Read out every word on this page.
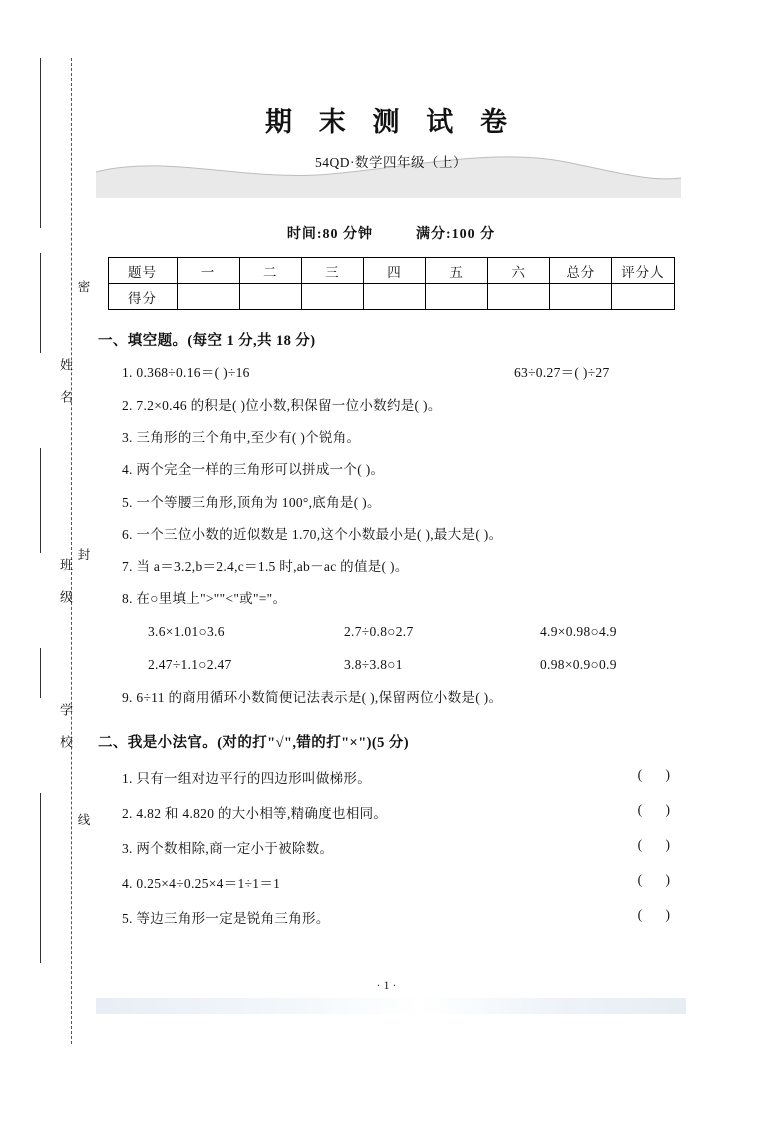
姓 名
班 级
学 校
密
封
线
期 末 测 试 卷
54QD·数学四年级（上）
时间:80 分钟	满分:100 分
题号	一	二	三	四	五	六	总分	评分人
得分								
一、填空题。(每空 1 分,共 18 分)
1. 0.368÷0.16＝( )÷16	63÷0.27＝( )÷27
2. 7.2×0.46 的积是( )位小数,积保留一位小数约是( )。
3. 三角形的三个角中,至少有( )个锐角。
4. 两个完全一样的三角形可以拼成一个( )。
5. 一个等腰三角形,顶角为 100°,底角是( )。
6. 一个三位小数的近似数是 1.70,这个小数最小是( ),最大是( )。
7. 当 a＝3.2,b＝2.4,c＝1.5 时,ab－ac 的值是( )。
8. 在○里填上">""<"或"="。
3.6×1.01○3.6	2.7÷0.8○2.7	4.9×0.98○4.9
2.47÷1.1○2.47	3.8÷3.8○1	0.98×0.9○0.9
9. 6÷11 的商用循环小数简便记法表示是( ),保留两位小数是( )。
二、我是小法官。(对的打"√",错的打"×")(5 分)
1. 只有一组对边平行的四边形叫做梯形。	( )
2. 4.82 和 4.820 的大小相等,精确度也相同。	( )
3. 两个数相除,商一定小于被除数。	( )
4. 0.25×4÷0.25×4＝1÷1＝1	( )
5. 等边三角形一定是锐角三角形。	( )
· 1 ·
